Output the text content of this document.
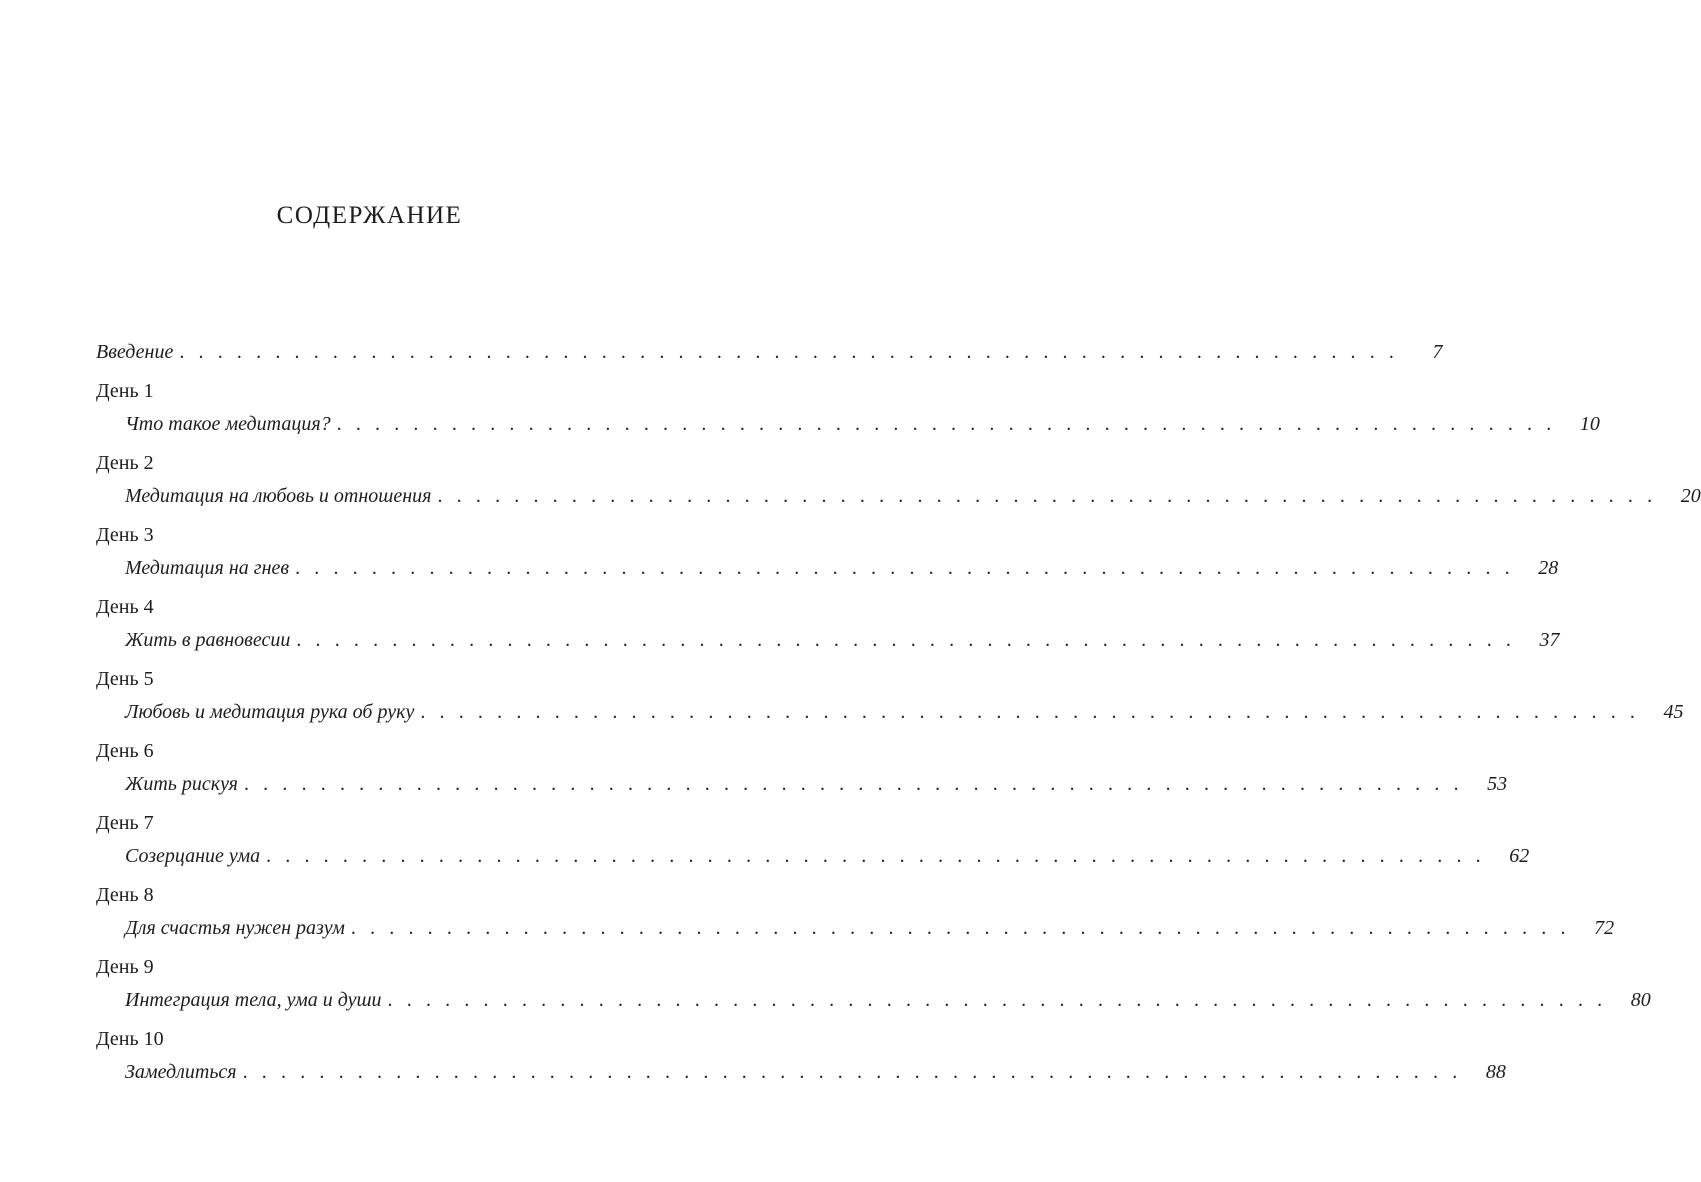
СОДЕРЖАНИЕ
Введение . . . . . . . . . . . . . . . . . . . . . . . . . . . . . . . . . . . . . . . . . . . . . . . . . . . . . . . . . . . . . . . .	7
День 1
Что такое медитация? . . . . . . . . . . . . . . . . . . . . . . . . . . . . . . . . . . . . . . . . . . . . . . . . . . . . . . . . . . . . . . . . 10
День 2
Медитация на любовь и отношения . . . . . . . . . . . . . . . . . . . . . . . . . . . . . . . . . . . . . . . . . . . . . . . . . . . . . . . . . . . . . . . . 20
День 3
Медитация на гнев . . . . . . . . . . . . . . . . . . . . . . . . . . . . . . . . . . . . . . . . . . . . . . . . . . . . . . . . . . . . . . . . 28
День 4
Жить в равновесии . . . . . . . . . . . . . . . . . . . . . . . . . . . . . . . . . . . . . . . . . . . . . . . . . . . . . . . . . . . . . . . . 37
День 5
Любовь и медитация рука об руку . . . . . . . . . . . . . . . . . . . . . . . . . . . . . . . . . . . . . . . . . . . . . . . . . . . . . . . . . . . . . . . . 45
День 6
Жить рискуя . . . . . . . . . . . . . . . . . . . . . . . . . . . . . . . . . . . . . . . . . . . . . . . . . . . . . . . . . . . . . . . . 53
День 7
Созерцание ума . . . . . . . . . . . . . . . . . . . . . . . . . . . . . . . . . . . . . . . . . . . . . . . . . . . . . . . . . . . . . . . . 62
День 8
Для счастья нужен разум . . . . . . . . . . . . . . . . . . . . . . . . . . . . . . . . . . . . . . . . . . . . . . . . . . . . . . . . . . . . . . . . 72
День 9
Интеграция тела, ума и души . . . . . . . . . . . . . . . . . . . . . . . . . . . . . . . . . . . . . . . . . . . . . . . . . . . . . . . . . . . . . . . . 80
День 10
Замедлиться . . . . . . . . . . . . . . . . . . . . . . . . . . . . . . . . . . . . . . . . . . . . . . . . . . . . . . . . . . . . . . . . 88
